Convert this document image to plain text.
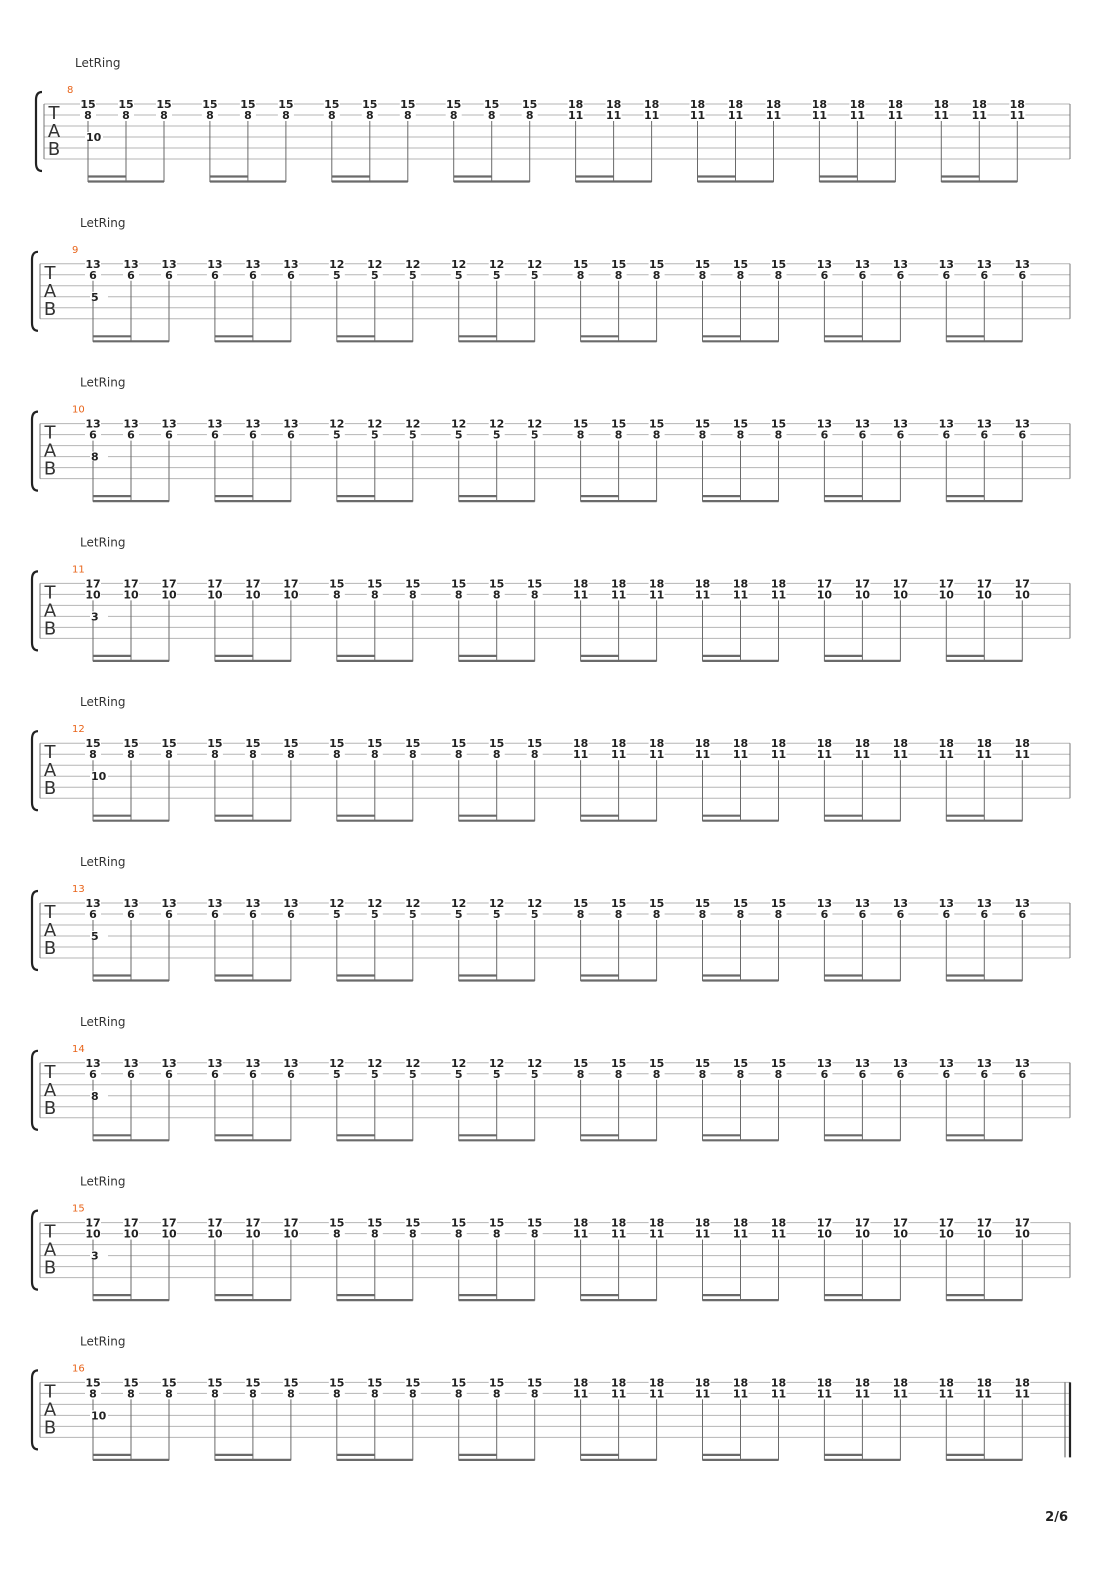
LetRing
8
T
A
B
15
8
15
8
15
8
15
8
15
8
15
8
15
8
15
8
15
8
15
8
15
8
15
8
18
11
18
11
18
11
18
11
18
11
18
11
18
11
18
11
18
11
18
11
18
11
18
11
10
LetRing
9
T
A
B
13
6
13
6
13
6
13
6
13
6
13
6
12
5
12
5
12
5
12
5
12
5
12
5
15
8
15
8
15
8
15
8
15
8
15
8
13
6
13
6
13
6
13
6
13
6
13
6
5
LetRing
10
T
A
B
13
6
13
6
13
6
13
6
13
6
13
6
12
5
12
5
12
5
12
5
12
5
12
5
15
8
15
8
15
8
15
8
15
8
15
8
13
6
13
6
13
6
13
6
13
6
13
6
8
LetRing
11
T
A
B
17
10
17
10
17
10
17
10
17
10
17
10
15
8
15
8
15
8
15
8
15
8
15
8
18
11
18
11
18
11
18
11
18
11
18
11
17
10
17
10
17
10
17
10
17
10
17
10
3
LetRing
12
T
A
B
15
8
15
8
15
8
15
8
15
8
15
8
15
8
15
8
15
8
15
8
15
8
15
8
18
11
18
11
18
11
18
11
18
11
18
11
18
11
18
11
18
11
18
11
18
11
18
11
10
LetRing
13
T
A
B
13
6
13
6
13
6
13
6
13
6
13
6
12
5
12
5
12
5
12
5
12
5
12
5
15
8
15
8
15
8
15
8
15
8
15
8
13
6
13
6
13
6
13
6
13
6
13
6
5
LetRing
14
T
A
B
13
6
13
6
13
6
13
6
13
6
13
6
12
5
12
5
12
5
12
5
12
5
12
5
15
8
15
8
15
8
15
8
15
8
15
8
13
6
13
6
13
6
13
6
13
6
13
6
8
LetRing
15
T
A
B
17
10
17
10
17
10
17
10
17
10
17
10
15
8
15
8
15
8
15
8
15
8
15
8
18
11
18
11
18
11
18
11
18
11
18
11
17
10
17
10
17
10
17
10
17
10
17
10
3
LetRing
16
T
A
B
15
8
15
8
15
8
15
8
15
8
15
8
15
8
15
8
15
8
15
8
15
8
15
8
18
11
18
11
18
11
18
11
18
11
18
11
18
11
18
11
18
11
18
11
18
11
18
11
10
2/6
